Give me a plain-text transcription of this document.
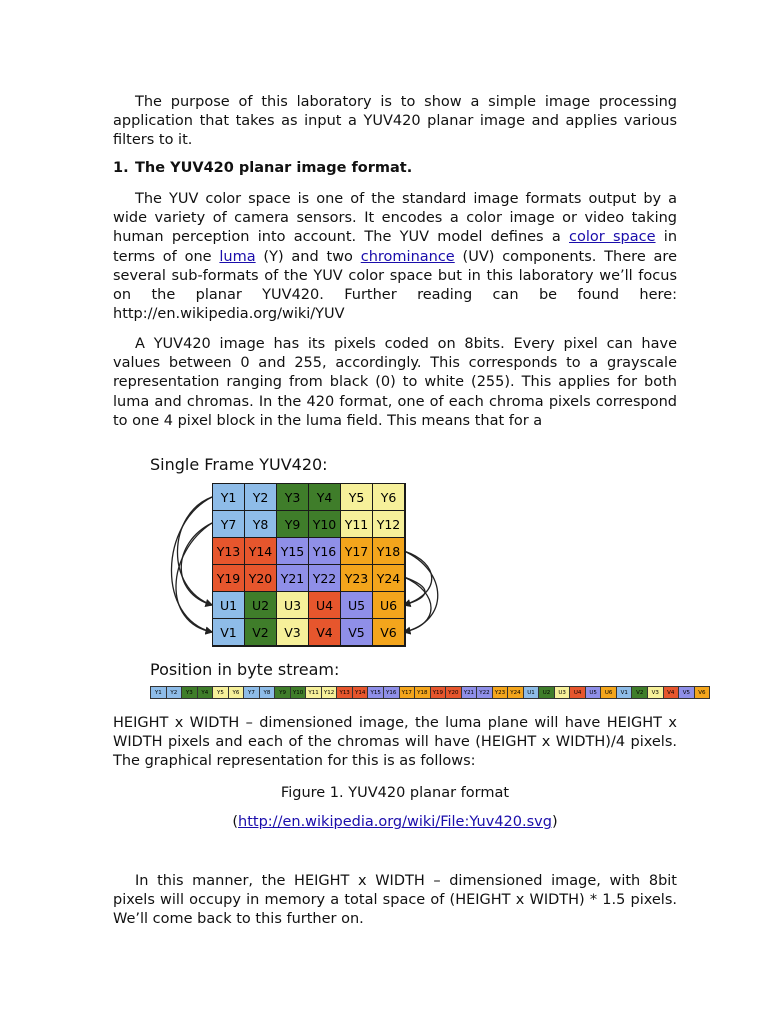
The purpose of this laboratory is to show a simple image processing application that takes as input a YUV420 planar image and applies various filters to it.

1. The YUV420 planar image format.

The YUV color space is one of the standard image formats output by a wide variety of camera sensors. It encodes a color image or video taking human perception into account. The YUV model defines a color space in terms of one luma (Y) and two chrominance (UV) components. There are several sub-formats of the YUV color space but in this laboratory we’ll focus on the planar YUV420. Further reading can be found here: http://en.wikipedia.org/wiki/YUV

A YUV420 image has its pixels coded on 8bits. Every pixel can have values between 0 and 255, accordingly. This corresponds to a grayscale representation ranging from black (0) to white (255). This applies for both luma and chromas. In the 420 format, one of each chroma pixels correspond to one 4 pixel block in the luma field. This means that for a

Single Frame YUV420:
Y1	Y2	Y3	Y4	Y5	Y6
Y7	Y8	Y9 Y10 Y11 Y12
Y13 Y14 Y15 Y16 Y17 Y18
Y19 Y20 Y21 Y22 Y23 Y24
U1	U2	U3	U4	U5	U6
V1	V2	V3	V4	V5	V6
Position in byte stream:
Y1	Y2	Y3	Y4	Y5	Y6	Y7	Y8	Y9	Y10 Y11 Y12 Y13 Y14 Y15 Y16 Y17 Y18 Y19 Y20 Y21 Y22 Y23 Y24	U1	U2	U3	U4	U5	U6	V1	V2	V3	V4	V5	V6

HEIGHT x WIDTH – dimensioned image, the luma plane will have HEIGHT x WIDTH pixels and each of the chromas will have (HEIGHT x WIDTH)/4 pixels. The graphical representation for this is as follows:

Figure 1. YUV420 planar format

(http://en.wikipedia.org/wiki/File:Yuv420.svg)

In this manner, the HEIGHT x WIDTH – dimensioned image, with 8bit pixels will occupy in memory a total space of (HEIGHT x WIDTH) * 1.5 pixels. We’ll come back to this further on.
